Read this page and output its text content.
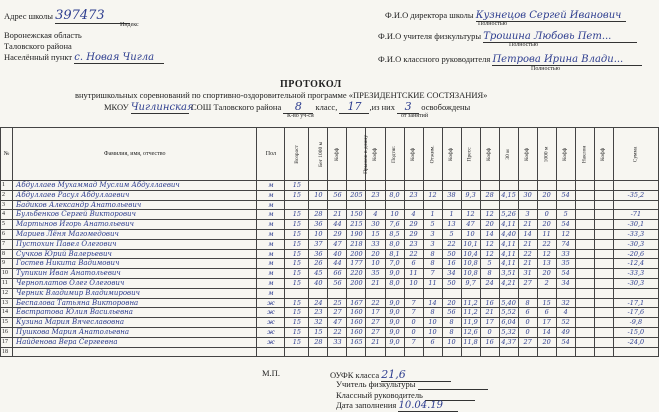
Адрес школы 397473
Индекс
Воронежская область
Таловского района
Населённый пункт с. Новая Чигла
Ф.И.О директора школы Кузнецов Сергей Иванович
Полностью
Ф.И.О учителя физкультуры Трошина Любовь Пет...
Полностью
Ф.И.О классного руководителя Петрова Ирина Влади...
Полностью
ПРОТОКОЛ
внутришкольных соревнований по спортивно-оздоровительной программе «ПРЕЗИДЕНТСКИЕ СОСТЯЗАНИЯ»
МКОУ Чиглинская СОШ Таловского района 8 класс, 17 ,из них 3 освобождены
К-во уч-ся	от занятий
№	Фамилия, имя, отчество	Пол	Возраст	Бег 1000 м	Кофф	Прыжок в длину	Кофф	Подтяг.	Кофф	Отжим.	Кофф	Пресс	Кофф	30 м	Кофф	1000 м	Кофф	Наклон	Кофф	Сумма
1	Абдуллаев Мухаммад Муслим Абдуллаевич	м	15																	
2	Абдуллаев Расул Абдуллаевич	м	15	10	56	205	23	8,0	23	12	38	9,3	28	4,15	30	20	54			-35,2
3	Бадиков Александр Анатольевич	м																		
4	Бульбенков Сергей Викторович	м	15	28	21	150	4	10	4	1	1	12	12	5,26	3	0	5			-71
5	Мартынов Игорь Анатольевич	м	15	36	44	215	30	7,6	29	5	13	47	20	4,11	21	20	54			-30,1
6	Мариев Лёня Магомедович	м	15	10	29	190	15	8,5	29	3	5	10	14	4,40	14	11	12			-33,3
7	Пустохин Павел Олегович	м	15	37	47	218	33	8,0	23	3	22	10,1	12	4,11	21	22	74			-30,3
8	Сучков Юрий Валерьевич	м	15	36	40	200	20	8,1	22	8	50	10,4	12	4,11	22	12	33			-20,6
9	Гостев Никита Вадимович	м	15	26	44	177	10	7,0	6	8	16	10,8	5	4,11	21	13	35			-12,4
10	Тупикин Иван Анатольевич	м	15	45	66	220	35	9,0	11	7	34	10,8	8	3,51	31	20	54			-33,3
11	Черноплатов Олег Олегович	м	15	40	56	200	21	8,0	10	11	50	9,7	24	4,21	27	2	34			-30,3
12	Черник Владимир Владимирович	м																		
13	Беспалова Татьяна Викторовна	ж	15	24	25	167	22	9,0	7	14	20	11,2	16	5,40	8	15	32			-17,1
14	Евстратова Юлия Васильевна	ж	15	23	27	160	17	9,0	7	8	56	11,2	21	5,52	6	6	4			-17,6
15	Кузина Мария Вячеславовна	ж	15	32	47	160	27	9,0	0	10	8	11,9	17	6,04	0	17	52			-9,8
16	Пушкова Мария Анатольевна	ж	15	15	22	160	27	9,0	0	10	8	12,6	0	5,32	0	14	49			-15,0
17	Найденова Вера Сергеевна	ж	15	28	33	165	21	9,0	7	6	10	11,8	16	4,37	27	20	54			-24,0
18																				
М.П.	ОУФК класса 21,6
Учитель физкультуры
Классный руководитель
Дата заполнения 10.04.19
